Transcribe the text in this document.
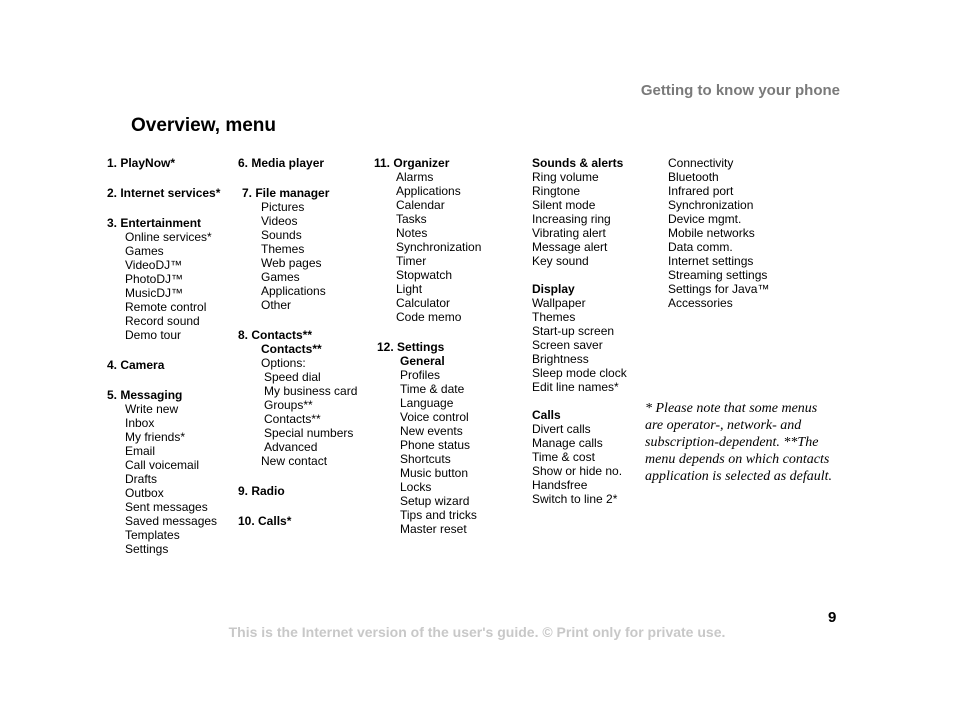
Getting to know your phone
Overview, menu
1. PlayNow*
2. Internet services*
3. Entertainment
Online services*
Games
VideoDJ™
PhotoDJ™
MusicDJ™
Remote control
Record sound
Demo tour
4. Camera
5. Messaging
Write new
Inbox
My friends*
Email
Call voicemail
Drafts
Outbox
Sent messages
Saved messages
Templates
Settings
6. Media player
7. File manager
Pictures
Videos
Sounds
Themes
Web pages
Games
Applications
Other
8. Contacts**
Contacts**
Options:
Speed dial
My business card
Groups**
Contacts**
Special numbers
Advanced
New contact
9. Radio
10. Calls*
11. Organizer
Alarms
Applications
Calendar
Tasks
Notes
Synchronization
Timer
Stopwatch
Light
Calculator
Code memo
12. Settings
General
Profiles
Time & date
Language
Voice control
New events
Phone status
Shortcuts
Music button
Locks
Setup wizard
Tips and tricks
Master reset
Sounds & alerts
Ring volume
Ringtone
Silent mode
Increasing ring
Vibrating alert
Message alert
Key sound
Display
Wallpaper
Themes
Start-up screen
Screen saver
Brightness
Sleep mode clock
Edit line names*
Calls
Divert calls
Manage calls
Time & cost
Show or hide no.
Handsfree
Switch to line 2*
Connectivity
Bluetooth
Infrared port
Synchronization
Device mgmt.
Mobile networks
Data comm.
Internet settings
Streaming settings
Settings for Java™
Accessories
* Please note that some menus are operator-, network- and subscription-dependent. **The menu depends on which contacts application is selected as default.
9
This is the Internet version of the user's guide. © Print only for private use.
